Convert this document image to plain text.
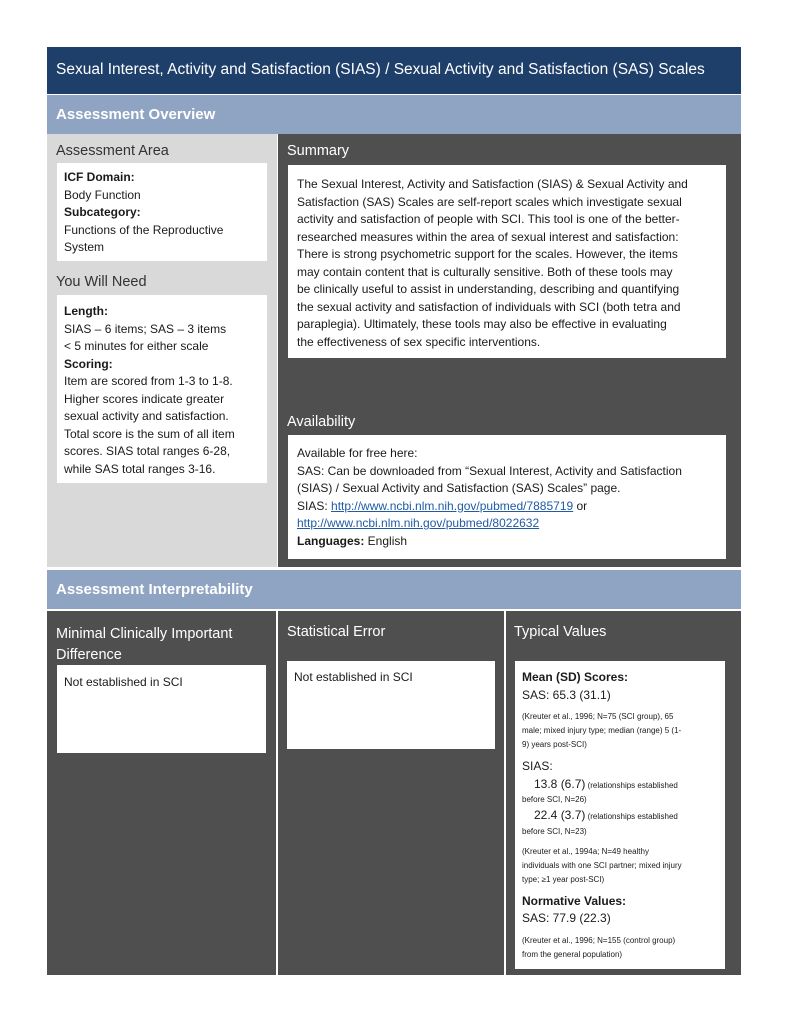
Sexual Interest, Activity and Satisfaction (SIAS) / Sexual Activity and Satisfaction (SAS) Scales
Assessment Overview
Assessment Area
ICF Domain:
Body Function
Subcategory:
Functions of the Reproductive
System
You Will Need
Length:
SIAS – 6 items; SAS – 3 items
< 5 minutes for either scale
Scoring:
Item are scored from 1-3 to 1-8.
Higher scores indicate greater
sexual activity and satisfaction.
Total score is the sum of all item
scores. SIAS total ranges 6-28,
while SAS total ranges 3-16.
Summary
The Sexual Interest, Activity and Satisfaction (SIAS) & Sexual Activity and
Satisfaction (SAS) Scales are self-report scales which investigate sexual
activity and satisfaction of people with SCI. This tool is one of the better-
researched measures within the area of sexual interest and satisfaction:
There is strong psychometric support for the scales. However, the items
may contain content that is culturally sensitive. Both of these tools may
be clinically useful to assist in understanding, describing and quantifying
the sexual activity and satisfaction of individuals with SCI (both tetra and
paraplegia). Ultimately, these tools may also be effective in evaluating
the effectiveness of sex specific interventions.
Availability
Available for free here:
SAS: Can be downloaded from “Sexual Interest, Activity and Satisfaction
(SIAS) / Sexual Activity and Satisfaction (SAS) Scales” page.
SIAS: http://www.ncbi.nlm.nih.gov/pubmed/7885719 or
http://www.ncbi.nlm.nih.gov/pubmed/8022632
Languages: English
Assessment Interpretability
Minimal Clinically Important
Difference
Not established in SCI
Statistical Error
Not established in SCI
Typical Values
Mean (SD) Scores:
SAS: 65.3 (31.1)
(Kreuter et al., 1996; N=75 (SCI group), 65
male; mixed injury type; median (range) 5 (1-
9) years post-SCI)
SIAS:
13.8 (6.7) (relationships established
before SCI, N=26)
22.4 (3.7) (relationships established
before SCI, N=23)
(Kreuter et al., 1994a; N=49 healthy
individuals with one SCI partner; mixed injury
type; ≥1 year post-SCI)
Normative Values:
SAS: 77.9 (22.3)
(Kreuter et al., 1996; N=155 (control group)
from the general population)
